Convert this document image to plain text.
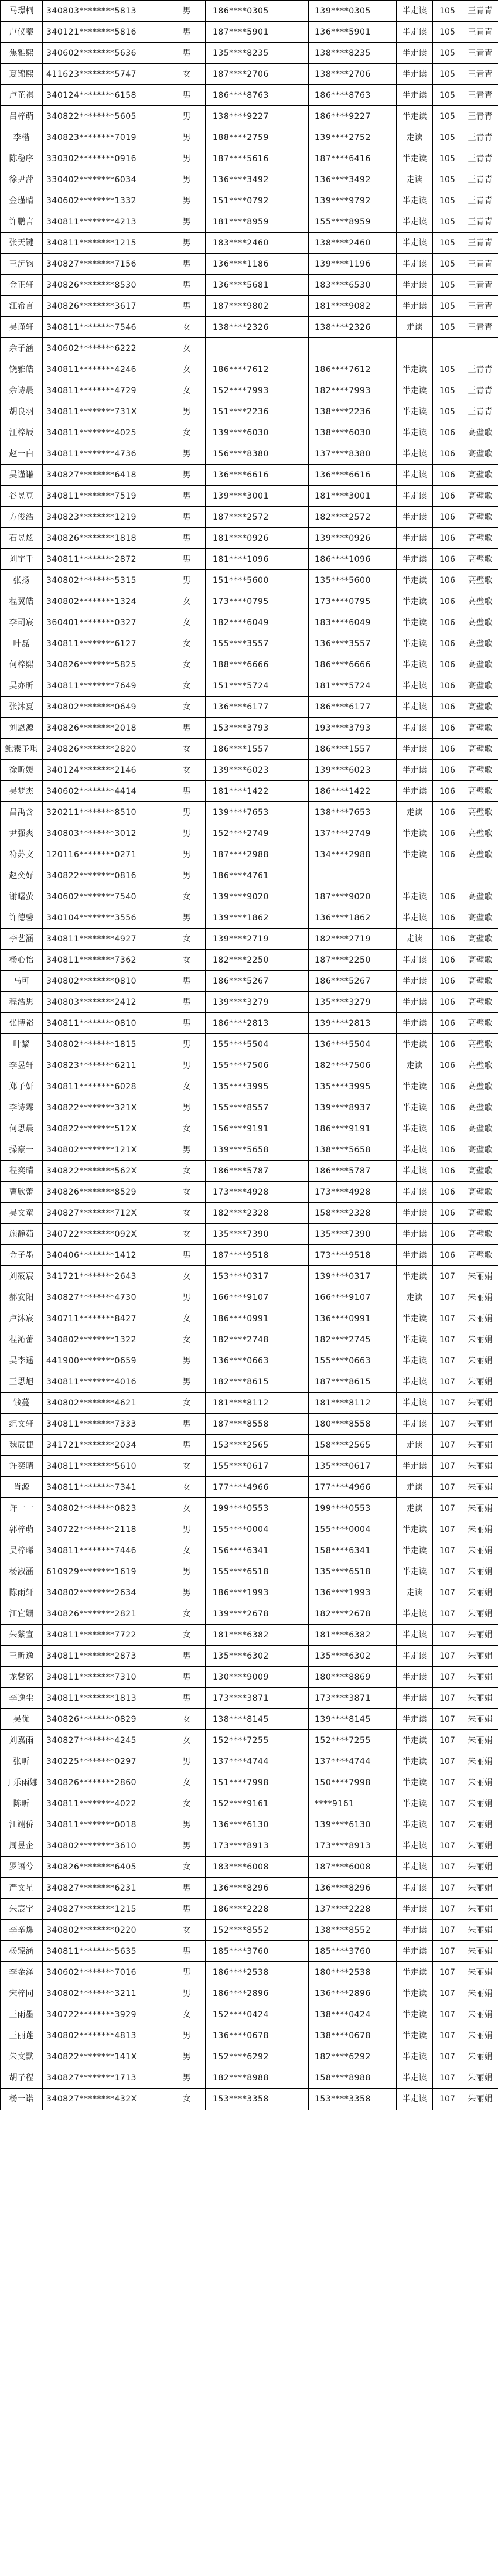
马璟桐	340803********5813	男	186****0305	139****0305	半走读	105	王青青
卢仪蓁	340121********5816	男	187****5901	136****5901	半走读	105	王青青
焦雅熙	340602********5636	男	135****8235	138****8235	半走读	105	王青青
夏锦熙	411623********5747	女	187****2706	138****2706	半走读	105	王青青
卢芷祺	340124********6158	男	186****8763	186****8763	半走读	105	王青青
吕梓萌	340822********5605	男	138****9227	186****9227	半走读	105	王青青
李楷	340823********7019	男	188****2759	139****2752	走读	105	王青青
陈稳序	330302********0916	男	187****5616	187****6416	半走读	105	王青青
徐尹萍	330402********6034	男	136****3492	136****3492	走读	105	王青青
金瑾晴	340602********1332	男	151****0792	139****9792	半走读	105	王青青
许鹏言	340811********4213	男	181****8959	155****8959	半走读	105	王青青
张天键	340811********1215	男	183****2460	138****2460	半走读	105	王青青
王沅钧	340827********7156	男	136****1186	139****1196	半走读	105	王青青
金正轩	340826********8530	男	136****5681	183****6530	半走读	105	王青青
江希言	340826********3617	男	187****9802	181****9082	半走读	105	王青青
吴谨轩	340811********7546	女	138****2326	138****2326	走读	105	王青青
余子涵	340602********6222	女					
饶雅皓	340811********4246	女	186****7612	186****7612	半走读	105	王青青
余诗晨	340811********4729	女	152****7993	182****7993	半走读	105	王青青
胡良羽	340811********731X	男	151****2236	138****2236	半走读	105	王青青
汪梓辰	340811********4025	女	139****6030	138****6030	半走读	106	高璧歌
赵一白	340811********4736	男	156****8380	137****8380	半走读	106	高璧歌
吴谨谦	340827********6418	男	136****6616	136****6616	半走读	106	高璧歌
谷昱豆	340811********7519	男	139****3001	181****3001	半走读	106	高璧歌
方俊浩	340823********1219	男	187****2572	182****2572	半走读	106	高璧歌
石昱炫	340826********1818	男	181****0926	139****0926	半走读	106	高璧歌
刘宇千	340811********2872	男	181****1096	186****1096	半走读	106	高璧歌
张扬	340802********5315	男	151****5600	135****5600	半走读	106	高璧歌
程翼皓	340802********1324	女	173****0795	173****0795	半走读	106	高璧歌
李司宸	360401********0327	女	182****6049	183****6049	半走读	106	高璧歌
叶磊	340811********6127	女	155****3557	136****3557	半走读	106	高璧歌
何梓熙	340826********5825	女	188****6666	186****6666	半走读	106	高璧歌
吴亦昕	340811********7649	女	151****5724	181****5724	半走读	106	高璧歌
张沐夏	340802********0649	女	136****6177	186****6177	半走读	106	高璧歌
刘恩源	340826********2018	男	153****3793	193****3793	半走读	106	高璧歌
鲍素予琪	340826********2820	女	186****1557	186****1557	半走读	106	高璧歌
徐昕媛	340124********2146	女	139****6023	139****6023	半走读	106	高璧歌
吴梦杰	340602********4414	男	181****1422	186****1422	半走读	106	高璧歌
昌禹含	320211********8510	男	139****7653	138****7653	走读	106	高璧歌
尹强爽	340803********3012	男	152****2749	137****2749	半走读	106	高璧歌
符苏文	120116********0271	男	187****2988	134****2988	半走读	106	高璧歌
赵奕好	340822********0816	男	186****4761				
谢曙萤	340602********7540	女	139****9020	187****9020	半走读	106	高璧歌
许德馨	340104********3556	男	139****1862	136****1862	半走读	106	高璧歌
李艺涵	340811********4927	女	139****2719	182****2719	走读	106	高璧歌
杨心怡	340811********7362	女	182****2250	187****2250	半走读	106	高璧歌
马可	340802********0810	男	186****5267	186****5267	半走读	106	高璧歌
程浩思	340803********2412	男	139****3279	135****3279	半走读	106	高璧歌
张博裕	340811********0810	男	186****2813	139****2813	半走读	106	高璧歌
叶黎	340802********1815	男	155****5504	136****5504	半走读	106	高璧歌
李昱轩	340823********6211	男	155****7506	182****7506	走读	106	高璧歌
郑子妍	340811********6028	女	135****3995	135****3995	半走读	106	高璧歌
李诗霖	340822********321X	男	155****8557	139****8937	半走读	106	高璧歌
何思晨	340822********512X	女	156****9191	186****9191	半走读	106	高璧歌
操豪一	340802********121X	男	139****5658	138****5658	半走读	106	高璧歌
程奕晴	340822********562X	女	186****5787	186****5787	半走读	106	高璧歌
曹欣蕾	340826********8529	女	173****4928	173****4928	半走读	106	高璧歌
吴文童	340827********712X	女	182****2328	158****2328	半走读	106	高璧歌
施静茹	340722********092X	女	135****7390	135****7390	半走读	106	高璧歌
金子墨	340406********1412	男	187****9518	173****9518	半走读	106	高璧歌
刘筱宸	341721********2643	女	153****0317	139****0317	半走读	107	朱丽娟
郝安阳	340827********4730	男	166****9107	166****9107	走读	107	朱丽娟
卢沐宸	340711********8427	女	186****0991	136****0991	半走读	107	朱丽娟
程沁蕾	340802********1322	女	182****2748	182****2745	半走读	107	朱丽娟
吴李遥	441900********0659	男	136****0663	155****0663	半走读	107	朱丽娟
王思旭	340811********4016	男	182****8615	187****8615	半走读	107	朱丽娟
钱蔓	340802********4621	女	181****8112	181****8112	半走读	107	朱丽娟
纪文轩	340811********7333	男	187****8558	180****8558	半走读	107	朱丽娟
魏辰捷	341721********2034	男	153****2565	158****2565	走读	107	朱丽娟
许奕晴	340811********5610	女	155****0617	135****0617	半走读	107	朱丽娟
肖源	340811********7341	女	177****4966	177****4966	走读	107	朱丽娟
许一一	340802********0823	女	199****0553	199****0553	走读	107	朱丽娟
郭梓萌	340722********2118	男	155****0004	155****0004	半走读	107	朱丽娟
吴梓晞	340811********7446	女	156****6341	158****6341	半走读	107	朱丽娟
杨淑涵	610929********1619	男	155****6518	135****6518	半走读	107	朱丽娟
陈雨轩	340802********2634	男	186****1993	136****1993	走读	107	朱丽娟
江宜姗	340826********2821	女	139****2678	182****2678	半走读	107	朱丽娟
朱紫宣	340811********7722	女	181****6382	181****6382	半走读	107	朱丽娟
王昕逸	340811********2873	男	135****6302	135****6302	半走读	107	朱丽娟
龙馨铭	340811********7310	男	130****9009	180****8869	半走读	107	朱丽娟
李逸尘	340811********1813	男	173****3871	173****3871	半走读	107	朱丽娟
吴优	340826********0829	女	138****8145	139****8145	半走读	107	朱丽娟
刘嘉雨	340827********4245	女	152****7255	152****7255	半走读	107	朱丽娟
张昕	340225********0297	男	137****4744	137****4744	半走读	107	朱丽娟
丁乐雨娜	340826********2860	女	151****7998	150****7998	半走读	107	朱丽娟
陈昕	340811********4022	女	152****9161	****9161	半走读	107	朱丽娟
江翊侨	340811********0018	男	136****6130	139****6130	半走读	107	朱丽娟
周昱企	340802********3610	男	173****8913	173****8913	半走读	107	朱丽娟
罗语兮	340826********6405	女	183****6008	187****6008	半走读	107	朱丽娟
严文星	340827********6231	男	136****8296	136****8296	半走读	107	朱丽娟
朱宸宇	340827********1215	男	186****2228	137****2228	半走读	107	朱丽娟
李辛烁	340802********0220	女	152****8552	138****8552	半走读	107	朱丽娟
杨臻涵	340811********5635	男	185****3760	185****3760	半走读	107	朱丽娟
李金泽	340602********7016	男	186****2538	180****2538	半走读	107	朱丽娟
宋梓同	340802********3211	男	186****2896	136****2896	半走读	107	朱丽娟
王雨墨	340722********3929	女	152****0424	138****0424	半走读	107	朱丽娟
王丽莲	340802********4813	男	136****0678	138****0678	半走读	107	朱丽娟
朱文默	340822********141X	男	152****6292	182****6292	半走读	107	朱丽娟
胡子程	340827********1713	男	182****8988	158****8988	半走读	107	朱丽娟
杨一诺	340827********432X	女	153****3358	153****3358	半走读	107	朱丽娟
